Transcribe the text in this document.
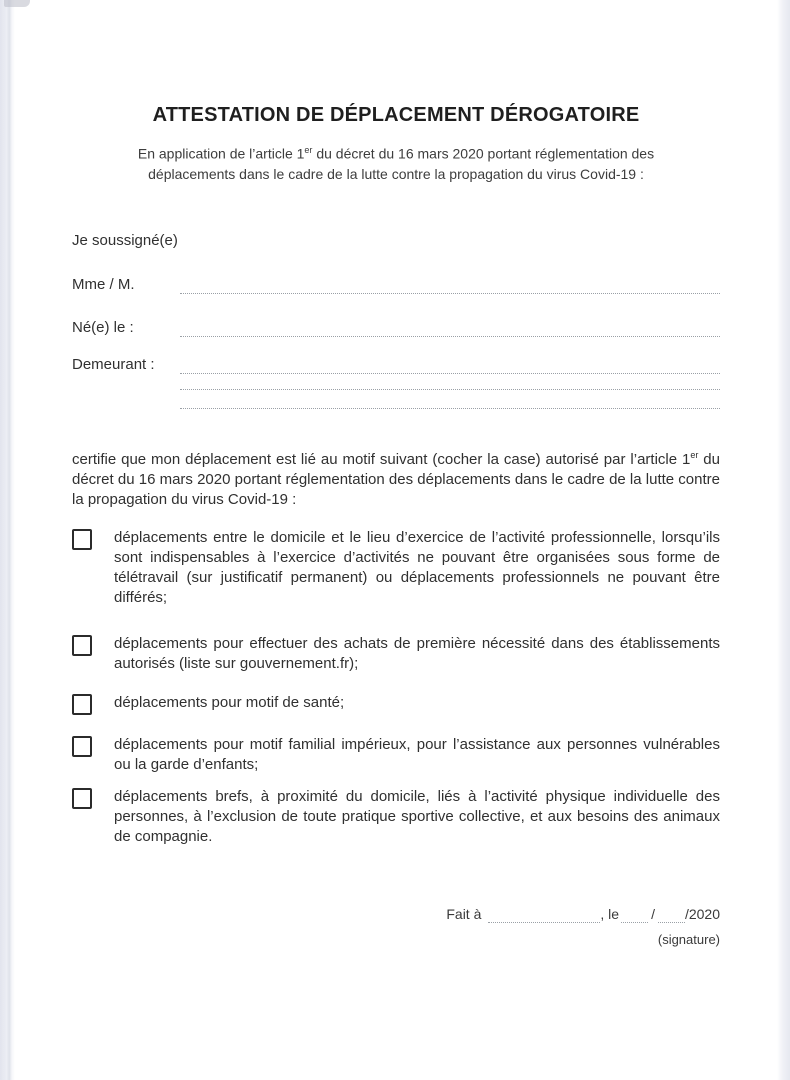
ATTESTATION DE DÉPLACEMENT DÉROGATOIRE

En application de l’article 1er du décret du 16 mars 2020 portant réglementation des déplacements dans le cadre de la lutte contre la propagation du virus Covid-19 :

Je soussigné(e)
Mme / M.
Né(e) le :
Demeurant :

certifie que mon déplacement est lié au motif suivant (cocher la case) autorisé par l’article 1er du décret du 16 mars 2020 portant réglementation des déplacements dans le cadre de la lutte contre la propagation du virus Covid-19 :

déplacements entre le domicile et le lieu d’exercice de l’activité professionnelle, lorsqu’ils sont indispensables à l’exercice d’activités ne pouvant être organisées sous forme de télétravail (sur justificatif permanent) ou déplacements professionnels ne pouvant être différés;

déplacements pour effectuer des achats de première nécessité dans des établissements autorisés (liste sur gouvernement.fr);

déplacements pour motif de santé;

déplacements pour motif familial impérieux, pour l’assistance aux personnes vulnérables ou la garde d’enfants;

déplacements brefs, à proximité du domicile, liés à l’activité physique individuelle des personnes, à l’exclusion de toute pratique sportive collective, et aux besoins des animaux de compagnie.

Fait à	, le / /2020
(signature)
